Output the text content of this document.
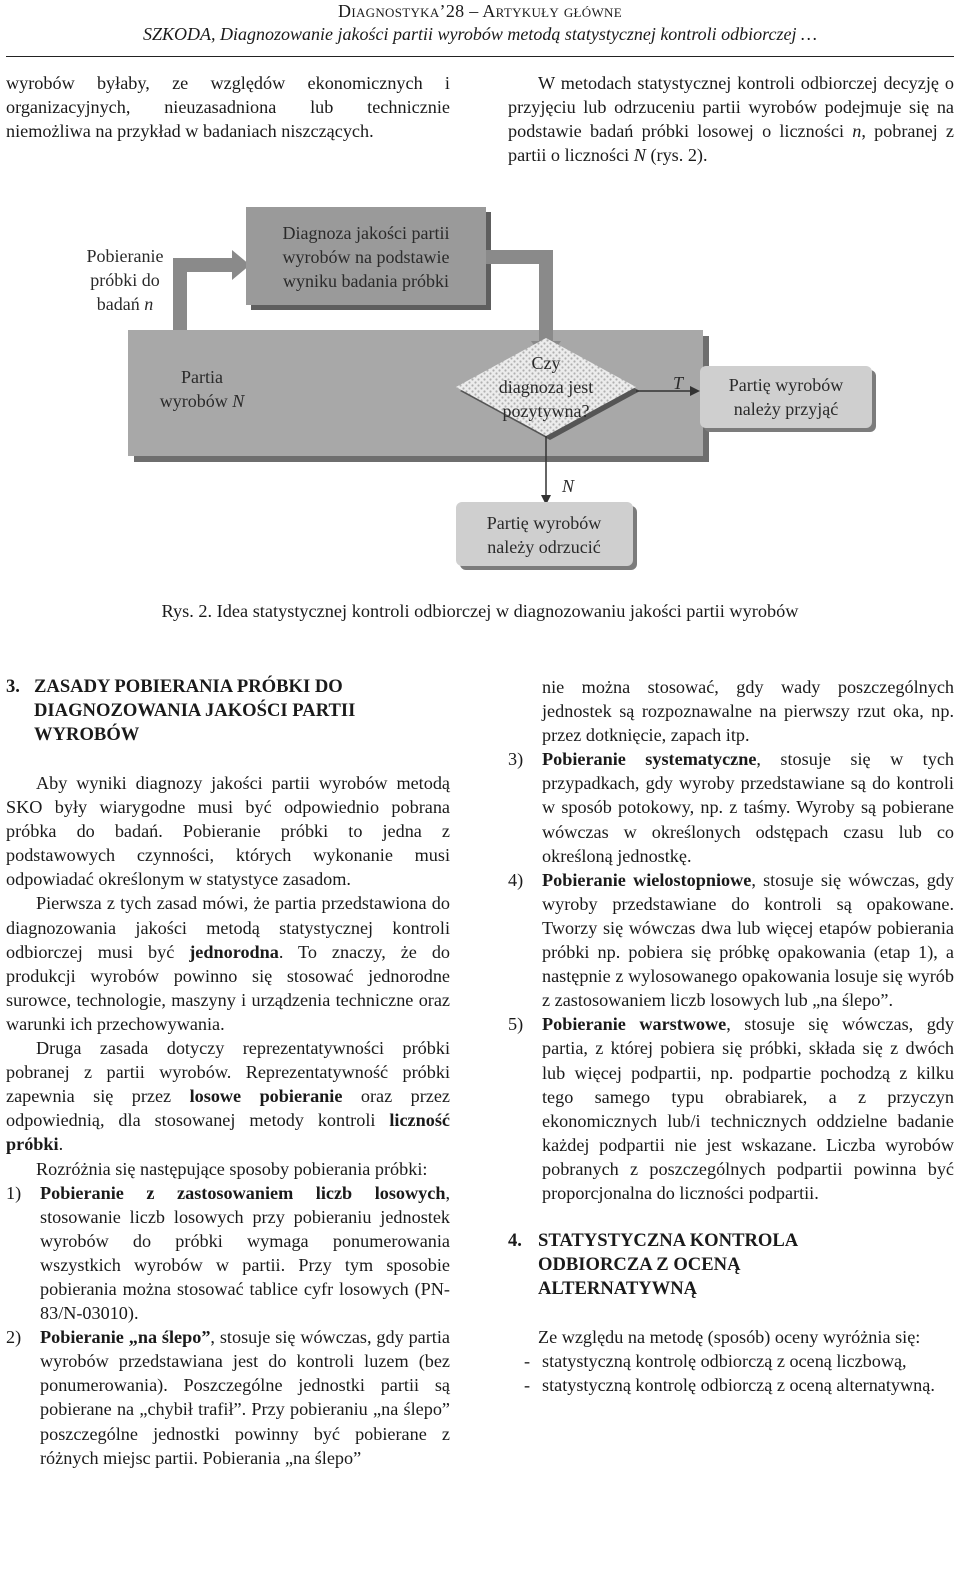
Diagnostyka’28 – Artykuły główne
SZKODA, Diagnozowanie jakości partii wyrobów metodą statystycznej kontroli odbiorczej …

wyrobów byłaby, ze względów ekonomicznych i organizacyjnych, nieuzasadniona lub technicznie niemożliwa na przykład w badaniach niszczących.

W metodach statystycznej kontroli odbiorczej decyzję o przyjęciu lub odrzuceniu partii wyrobów podejmuje się na podstawie badań próbki losowej o liczności n, pobranej z partii o liczności N (rys. 2).

Pobieranie
próbki do
badań n
Diagnoza jakości partii
wyrobów na podstawie
wyniku badania próbki
Partia
wyrobów N
Czy
diagnoza jest
pozytywna?
T
N
Partię wyrobów
należy przyjąć
Partię wyrobów
należy odrzucić
Rys. 2. Idea statystycznej kontroli odbiorczej w diagnozowaniu jakości partii wyrobów
3. ZASADY POBIERANIA PRÓBKI DO
DIAGNOZOWANIA JAKOŚCI PARTII
WYROBÓW

Aby wyniki diagnozy jakości partii wyrobów metodą SKO były wiarygodne musi być odpowiednio pobrana próbka do badań. Pobieranie próbki to jedna z podstawowych czynności, których wykonanie musi odpowiadać określonym w statystyce zasadom.

Pierwsza z tych zasad mówi, że partia przedstawiona do diagnozowania jakości metodą statystycznej kontroli odbiorczej musi być jednorodna. To znaczy, że do produkcji wyrobów powinno się stosować jednorodne surowce, technologie, maszyny i urządzenia techniczne oraz warunki ich przechowywania.

Druga zasada dotyczy reprezentatywności próbki pobranej z partii wyrobów. Reprezentatywność próbki zapewnia się przez losowe pobieranie oraz przez odpowiednią, dla stosowanej metody kontroli liczność próbki.

Rozróżnia się następujące sposoby pobierania próbki:

1) Pobieranie z zastosowaniem liczb losowych, stosowanie liczb losowych przy pobieraniu jednostek wyrobów do próbki wymaga ponumerowania wszystkich wyrobów w partii. Przy tym sposobie pobierania można stosować tablice cyfr losowych (PN-83/N-03010).

2) Pobieranie „na ślepo”, stosuje się wówczas, gdy partia wyrobów przedstawiana jest do kontroli luzem (bez ponumerowania). Poszczególne jednostki partii są pobierane na „chybił trafił”. Przy pobieraniu „na ślepo” poszczególne jednostki powinny być pobierane z różnych miejsc partii. Pobierania „na ślepo”

nie można stosować, gdy wady poszczególnych jednostek są rozpoznawalne na pierwszy rzut oka, np. przez dotknięcie, zapach itp.

3) Pobieranie systematyczne, stosuje się w tych przypadkach, gdy wyroby przedstawiane są do kontroli w sposób potokowy, np. z taśmy. Wyroby są pobierane wówczas w określonych odstępach czasu lub co określoną jednostkę.

4) Pobieranie wielostopniowe, stosuje się wówczas, gdy wyroby przedstawiane do kontroli są opakowane. Tworzy się wówczas dwa lub więcej etapów pobierania próbki np. pobiera się próbkę opakowania (etap 1), a następnie z wylosowanego opakowania losuje się wyrób z zastosowaniem liczb losowych lub „na ślepo”.

5) Pobieranie warstwowe, stosuje się wówczas, gdy partia, z której pobiera się próbki, składa się z dwóch lub więcej podpartii, np. podpartie pochodzą z kilku tego samego typu obrabiarek, a z przyczyn ekonomicznych lub/i technicznych oddzielne badanie każdej podpartii nie jest wskazane. Liczba wyrobów pobranych z poszczególnych podpartii powinna być proporcjonalna do liczności podpartii.

4. STATYSTYCZNA KONTROLA
ODBIORCZA Z OCENĄ
ALTERNATYWNĄ

Ze względu na metodę (sposób) oceny wyróżnia się:

- statystyczną kontrolę odbiorczą z oceną liczbową,

- statystyczną kontrolę odbiorczą z oceną alternatywną.
